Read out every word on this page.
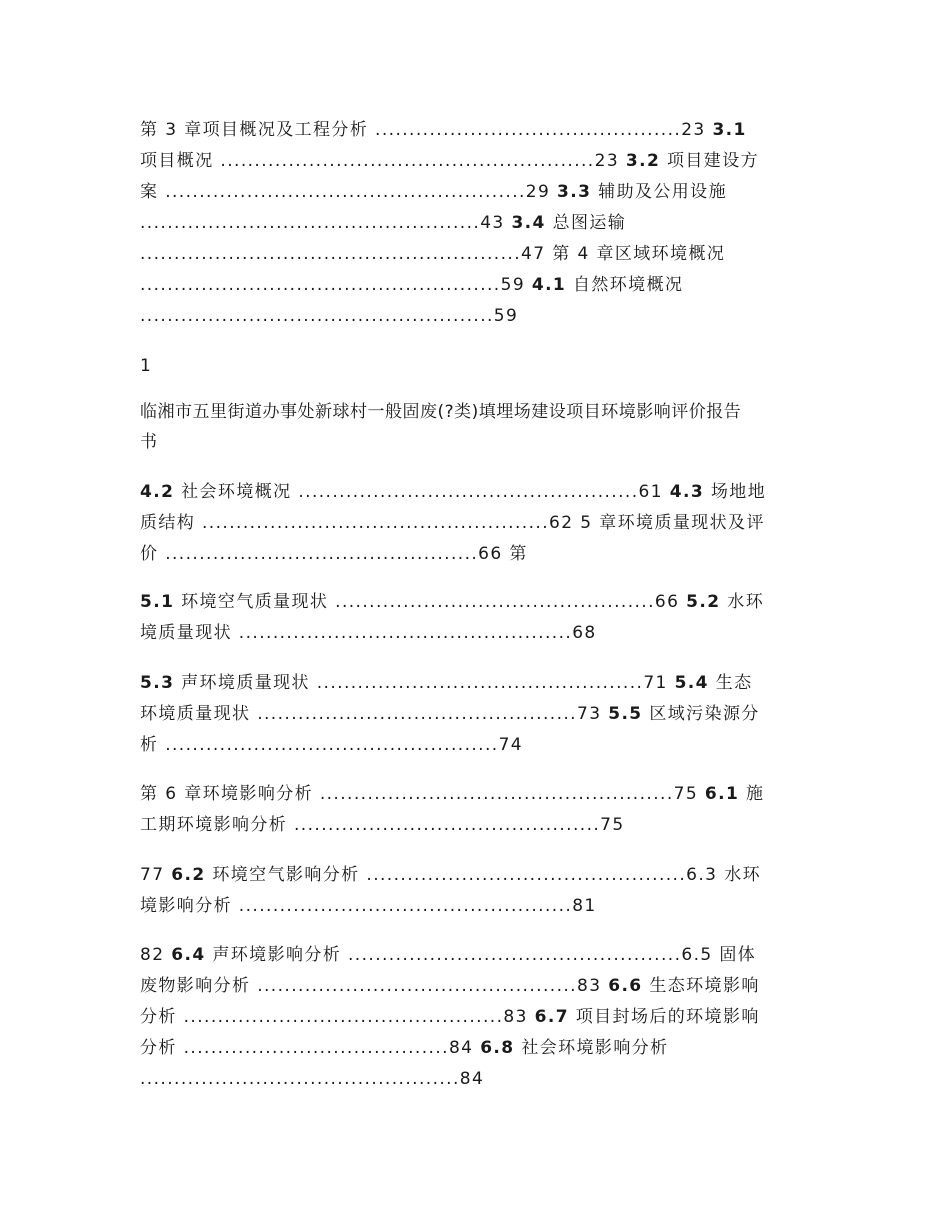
第 3 章项目概况及工程分析 .............................................23 3.1
项目概况 .......................................................23 3.2 项目建设方
案 .....................................................29 3.3 辅助及公用设施
..................................................43 3.4 总图运输
........................................................47 第 4 章区域环境概况
.....................................................59 4.1 自然环境概况
....................................................59
1
临湘市五里街道办事处新球村一般固废(?类)填埋场建设项目环境影响评价报告
书
4.2 社会环境概况 ..................................................61 4.3 场地地
质结构 ...................................................62 5 章环境质量现状及评
价 ..............................................66 第
5.1 环境空气质量现状 ...............................................66 5.2 水环
境质量现状 .................................................68
5.3 声环境质量现状 ................................................71 5.4 生态
环境质量现状 ...............................................73 5.5 区域污染源分
析 .................................................74
第 6 章环境影响分析 ....................................................75 6.1 施
工期环境影响分析 .............................................75
77 6.2 环境空气影响分析 ...............................................6.3 水环
境影响分析 .................................................81
82 6.4 声环境影响分析 .................................................6.5 固体
废物影响分析 ...............................................83 6.6 生态环境影响
分析 ...............................................83 6.7 项目封场后的环境影响
分析 .......................................84 6.8 社会环境影响分析
...............................................84
